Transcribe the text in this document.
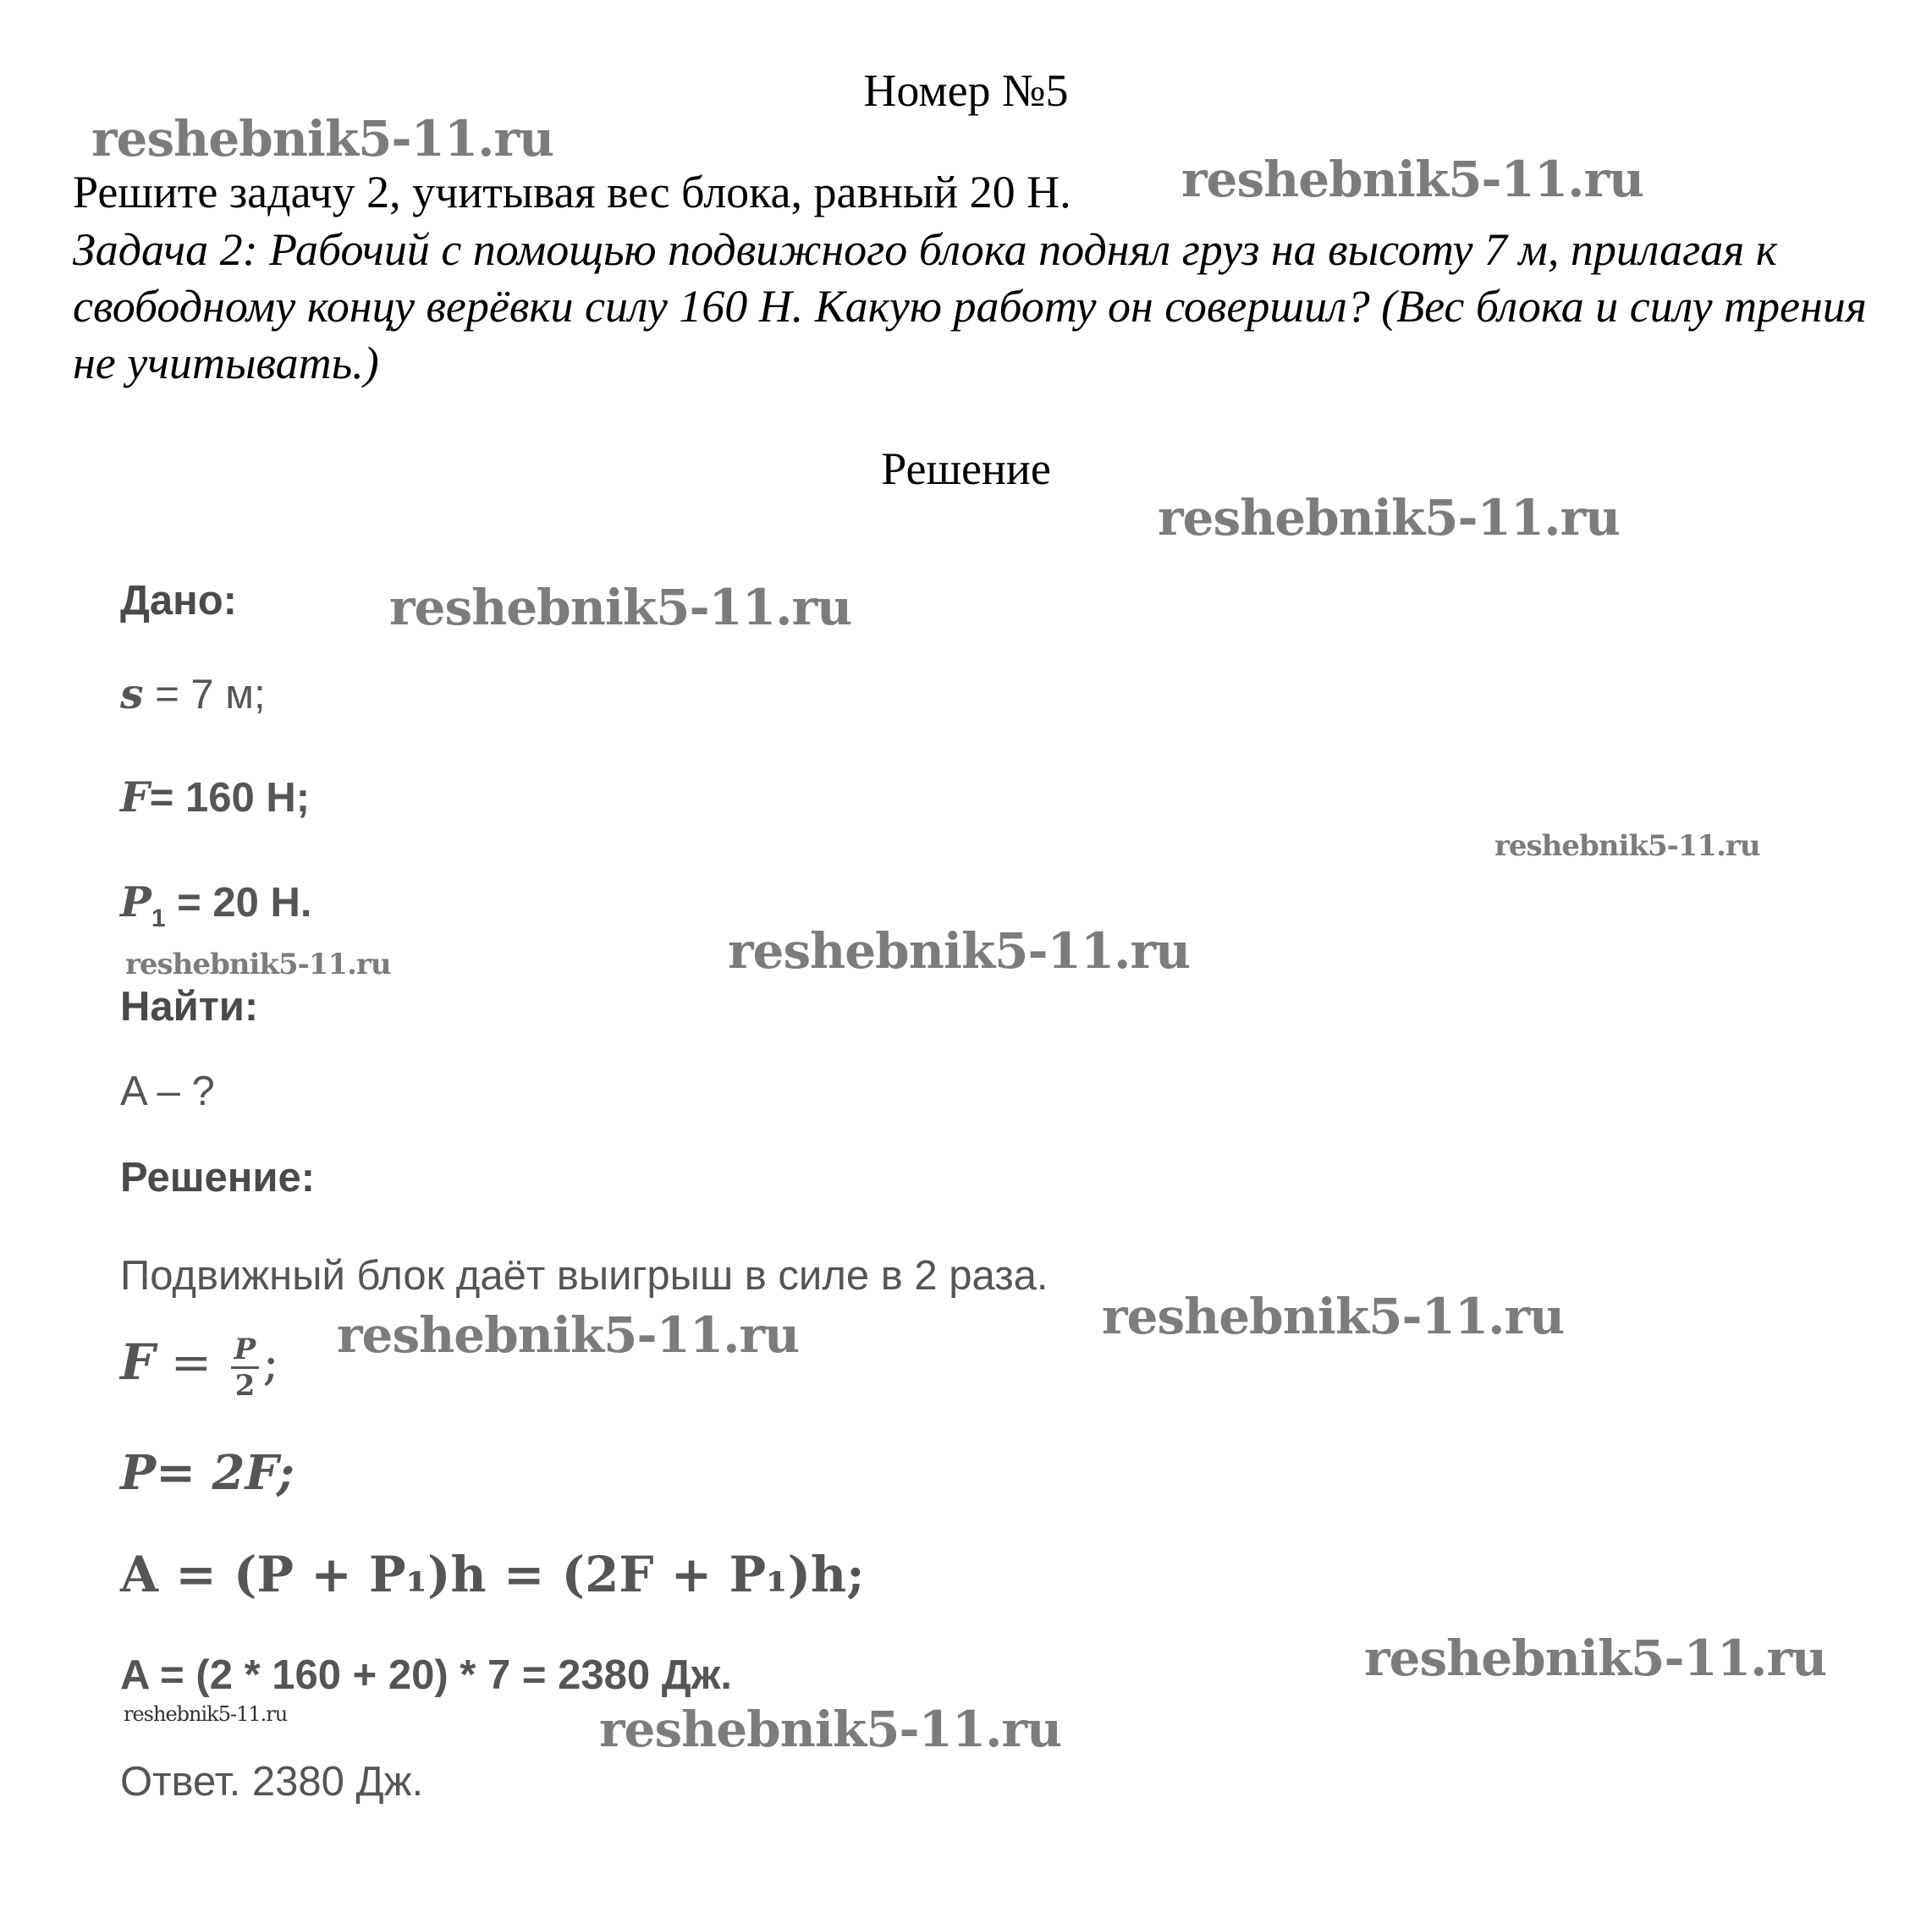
Номер №5
Решите задачу 2, учитывая вес блока, равный 20 Н.
Задача 2: Рабочий с помощью подвижного блока поднял груз на высоту 7 м, прилагая к свободному концу верёвки силу 160 Н. Какую работу он совершил? (Вес блока и силу трения не учитывать.)
Решение
Дано:
s = 7 м;
F= 160 Н;
$P_1 = 20$ Н.
Найти:
A – ?
Решение:
Подвижный блок даёт выигрыш в силе в 2 раза.
$F = \frac{P}{2}$ ;
P= 2F;
A = (P + P₁)h = (2F + P₁)h;
A = (2 * 160 + 20) * 7 = 2380 Дж.
Ответ. 2380 Дж.
reshebnik5-11.ru
reshebnik5-11.ru
reshebnik5-11.ru
reshebnik5-11.ru
reshebnik5-11.ru
reshebnik5-11.ru
reshebnik5-11.ru
reshebnik5-11.ru
reshebnik5-11.ru
reshebnik5-11.ru
reshebnik5-11.ru	reshebnik5-11.ru
